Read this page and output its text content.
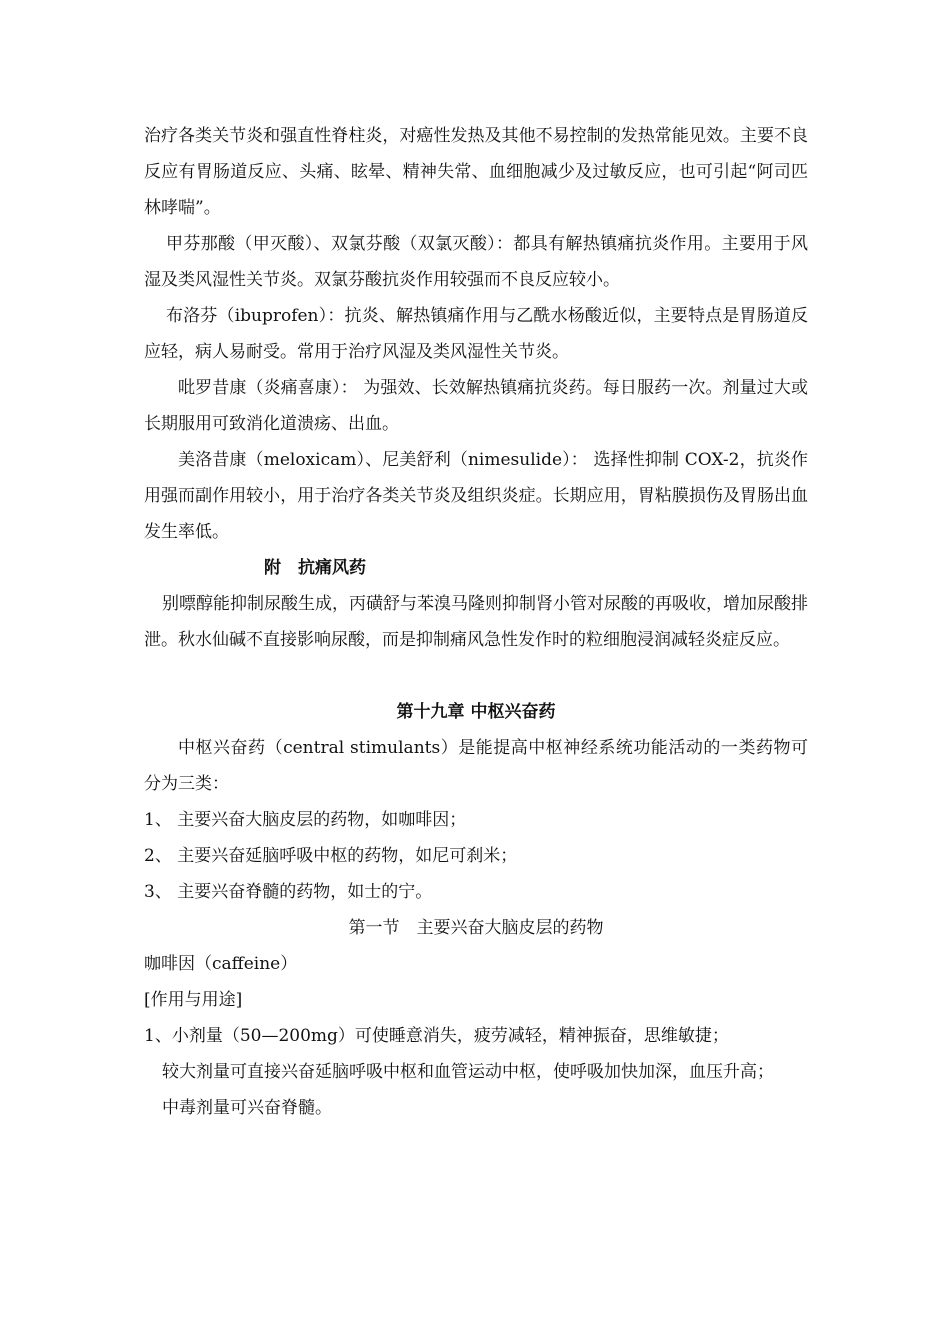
治疗各类关节炎和强直性脊柱炎，对癌性发热及其他不易控制的发热常能见效。主要不良反应有胃肠道反应、头痛、眩晕、精神失常、血细胞减少及过敏反应，也可引起“阿司匹林哮喘”。

甲芬那酸（甲灭酸）、双氯芬酸（双氯灭酸）：都具有解热镇痛抗炎作用。主要用于风湿及类风湿性关节炎。双氯芬酸抗炎作用较强而不良反应较小。

布洛芬（ibuprofen）：抗炎、解热镇痛作用与乙酰水杨酸近似，主要特点是胃肠道反应轻，病人易耐受。常用于治疗风湿及类风湿性关节炎。

吡罗昔康（炎痛喜康）： 为强效、长效解热镇痛抗炎药。每日服药一次。剂量过大或长期服用可致消化道溃疡、出血。

美洛昔康（meloxicam）、尼美舒利（nimesulide）： 选择性抑制 COX-2，抗炎作用强而副作用较小，用于治疗各类关节炎及组织炎症。长期应用，胃粘膜损伤及胃肠出血发生率低。

附　抗痛风药

别嘌醇能抑制尿酸生成，丙磺舒与苯溴马隆则抑制肾小管对尿酸的再吸收，增加尿酸排泄。秋水仙碱不直接影响尿酸，而是抑制痛风急性发作时的粒细胞浸润减轻炎症反应。

第十九章 中枢兴奋药

中枢兴奋药（central stimulants）是能提高中枢神经系统功能活动的一类药物可分为三类：

1、 主要兴奋大脑皮层的药物，如咖啡因；

2、 主要兴奋延脑呼吸中枢的药物，如尼可刹米；

3、 主要兴奋脊髓的药物，如士的宁。

第一节　主要兴奋大脑皮层的药物

咖啡因（caffeine）

[作用与用途]

1、小剂量（50—200mg）可使睡意消失，疲劳减轻，精神振奋，思维敏捷；

较大剂量可直接兴奋延脑呼吸中枢和血管运动中枢，使呼吸加快加深，血压升高；

中毒剂量可兴奋脊髓。
